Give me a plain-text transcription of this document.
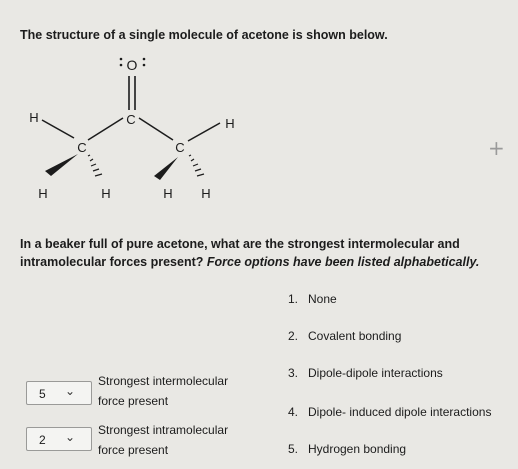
The structure of a single molecule of acetone is shown below.
O
C
C
H
H	H
C
H
H H
+
In a beaker full of pure acetone, what are the strongest intermolecular and intramolecular forces present? Force options have been listed alphabetically.
1. None
2. Covalent bonding
3. Dipole-dipole interactions
4. Dipole- induced dipole interactions
5. Hydrogen bonding
5 ⌄
Strongest intermolecular
force present
2 ⌄ Strongest intramolecular
force present
